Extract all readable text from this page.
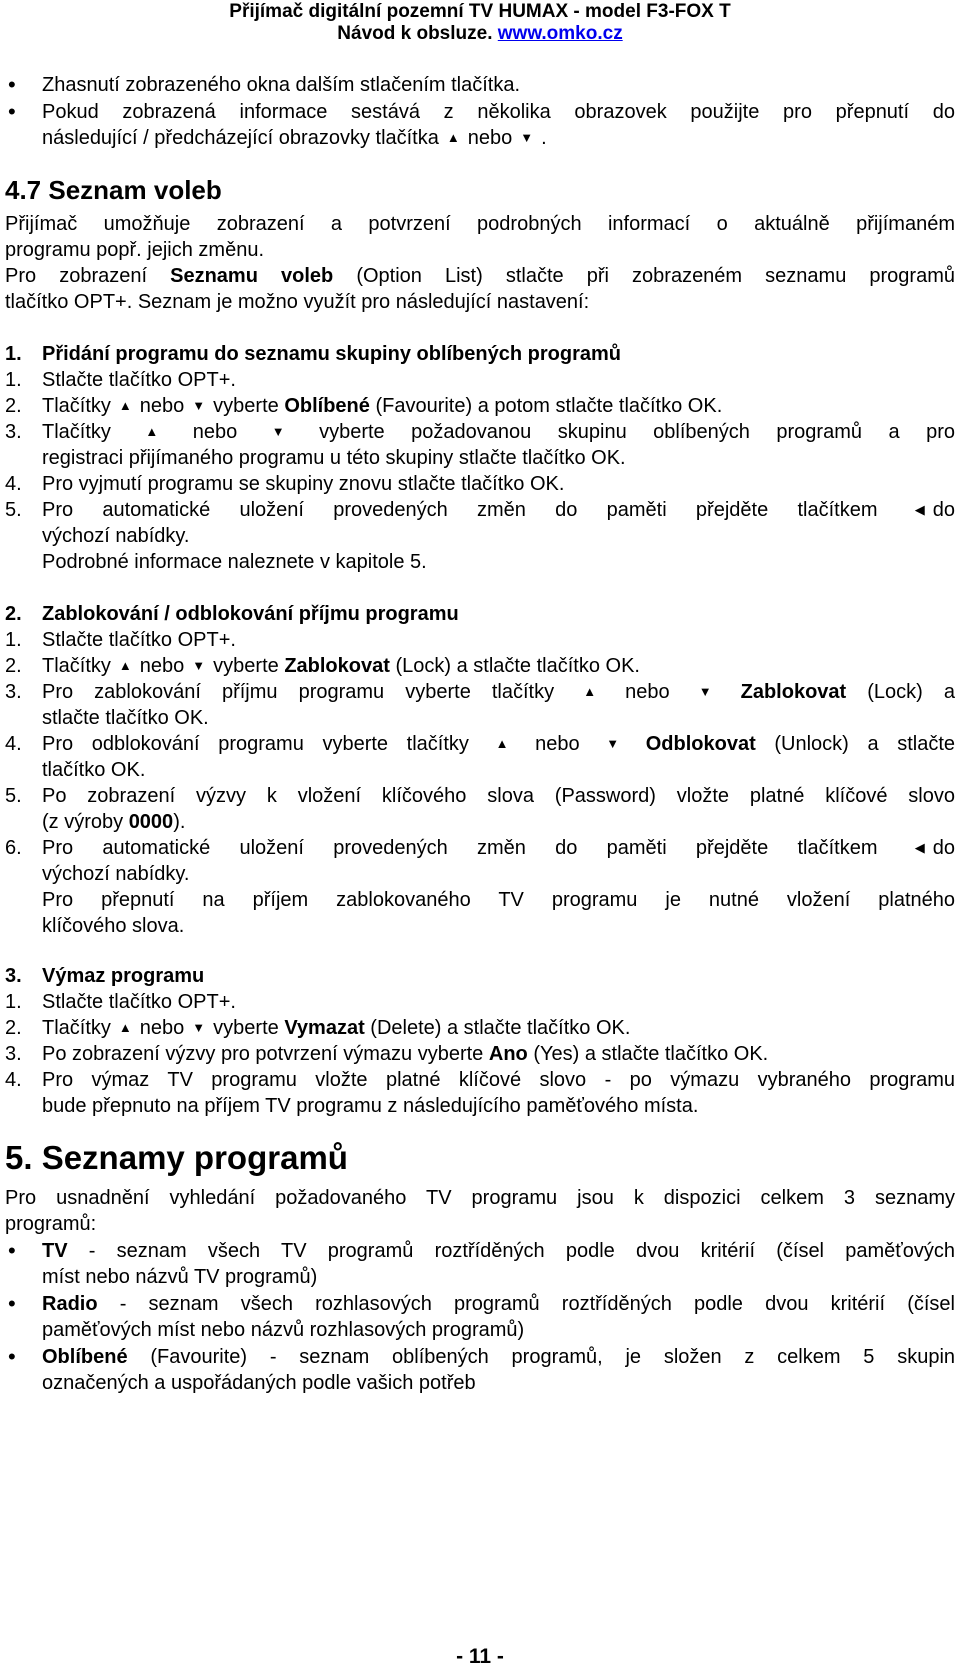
Přijímač digitální pozemní TV HUMAX - model F3-FOX T
Návod k obsluze. www.omko.cz
• Zhasnutí zobrazeného okna dalším stlačením tlačítka.
• Pokud zobrazená informace sestává z několika obrazovek použijte pro přepnutí do
následující / předcházející obrazovky tlačítka ▲ nebo ▼ .
4.7 Seznam voleb
Přijímač umožňuje zobrazení a potvrzení podrobných informací o aktuálně přijímaném
programu popř. jejich změnu.
Pro zobrazení Seznamu voleb (Option List) stlačte při zobrazeném seznamu programů
tlačítko OPT+. Seznam je možno využít pro následující nastavení:
1. Přidání programu do seznamu skupiny oblíbených programů
1. Stlačte tlačítko OPT+.
2. Tlačítky ▲ nebo ▼ vyberte Oblíbené (Favourite) a potom stlačte tlačítko OK.
3. Tlačítky	▲ nebo	▼ vyberte požadovanou skupinu oblíbených programů a pro
registraci přijímaného programu u této skupiny stlačte tlačítko OK.
4. Pro vyjmutí programu se skupiny znovu stlačte tlačítko OK.
5. Pro automatické uložení provedených změn do paměti přejděte tlačítkem	◀ do
výchozí nabídky.
Podrobné informace naleznete v kapitole 5.
2. Zablokování / odblokování příjmu programu
1. Stlačte tlačítko OPT+.
2. Tlačítky ▲ nebo ▼ vyberte Zablokovat (Lock) a stlačte tlačítko OK.
3. Pro zablokování příjmu programu vyberte tlačítky ▲ nebo ▼ Zablokovat (Lock) a
stlačte tlačítko OK.
4. Pro odblokování programu vyberte tlačítky ▲ nebo ▼ Odblokovat (Unlock) a stlačte
tlačítko OK.
5. Po zobrazení výzvy k vložení klíčového slova (Password) vložte platné klíčové slovo
(z výroby 0000).
6. Pro automatické uložení provedených změn do paměti přejděte tlačítkem	◀ do
výchozí nabídky.
Pro přepnutí na příjem zablokovaného TV programu je nutné vložení platného
klíčového slova.
3. Výmaz programu
1. Stlačte tlačítko OPT+.
2. Tlačítky ▲ nebo ▼ vyberte Vymazat (Delete) a stlačte tlačítko OK.
3. Po zobrazení výzvy pro potvrzení výmazu vyberte Ano (Yes) a stlačte tlačítko OK.
4. Pro výmaz TV programu vložte platné klíčové slovo - po výmazu vybraného programu
bude přepnuto na příjem TV programu z následujícího paměťového místa.
5. Seznamy programů
Pro usnadnění vyhledání požadovaného TV programu jsou k dispozici celkem 3 seznamy
programů:
• TV - seznam všech TV programů roztříděných podle dvou kritérií (čísel paměťových
míst nebo názvů TV programů)
• Radio - seznam všech rozhlasových programů roztříděných podle dvou kritérií (čísel
paměťových míst nebo názvů rozhlasových programů)
• Oblíbené (Favourite) - seznam oblíbených programů, je složen z celkem 5 skupin
označených a uspořádaných podle vašich potřeb
- 11 -
